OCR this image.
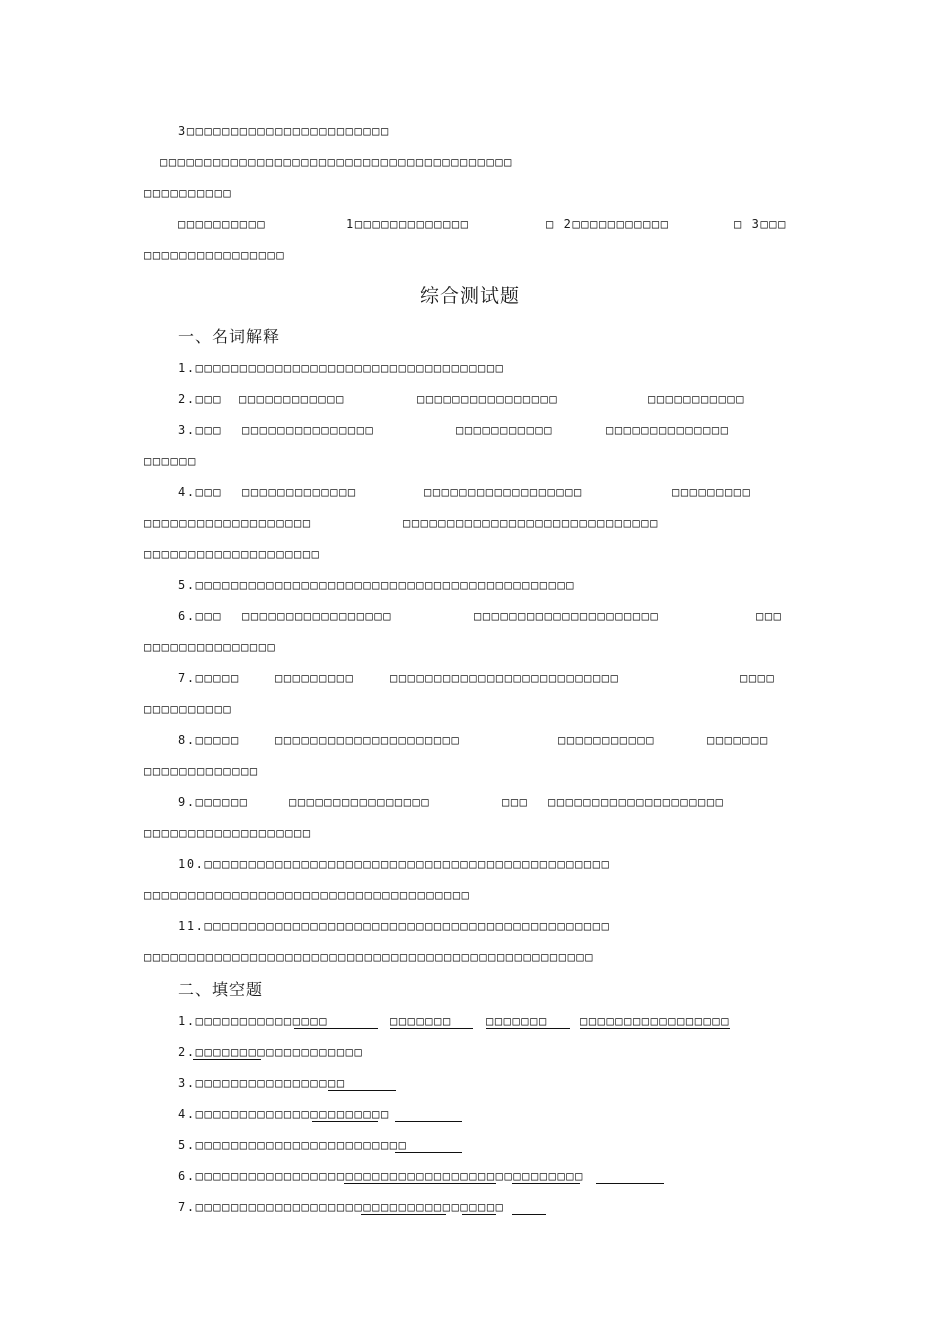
3□□□□□□□□□□□□□□□□□□□□□□□
□□□□□□□□□□□□□□□□□□□□□□□□□□□□□□□□□□□□□□□□
□□□□□□□□□□
□□□□□□□□□□	1□□□□□□□□□□□□□	□ 2□□□□□□□□□□□	□ 3□□□
□□□□□□□□□□□□□□□□
综合测试题
一、名词解释
1.□□□□□□□□□□□□□□□□□□□□□□□□□□□□□□□□□□□
2.□□□ □□□□□□□□□□□□	□□□□□□□□□□□□□□□□	□□□□□□□□□□□
3.□□□ □□□□□□□□□□□□□□□	□□□□□□□□□□□	□□□□□□□□□□□□□□
□□□□□□
4.□□□ □□□□□□□□□□□□□	□□□□□□□□□□□□□□□□□□	□□□□□□□□□
□□□□□□□□□□□□□□□□□□□	□□□□□□□□□□□□□□□□□□□□□□□□□□□□□
□□□□□□□□□□□□□□□□□□□□
5.□□□□□□□□□□□□□□□□□□□□□□□□□□□□□□□□□□□□□□□□□□□
6.□□□ □□□□□□□□□□□□□□□□□	□□□□□□□□□□□□□□□□□□□□□	□□□
□□□□□□□□□□□□□□□
7.□□□□□	□□□□□□□□□	□□□□□□□□□□□□□□□□□□□□□□□□□□	□□□□
□□□□□□□□□□
8.□□□□□	□□□□□□□□□□□□□□□□□□□□□	□□□□□□□□□□□	□□□□□□□
□□□□□□□□□□□□□
9.□□□□□□	□□□□□□□□□□□□□□□□	□□□ □□□□□□□□□□□□□□□□□□□□
□□□□□□□□□□□□□□□□□□□
10.□□□□□□□□□□□□□□□□□□□□□□□□□□□□□□□□□□□□□□□□□□□□□□
□□□□□□□□□□□□□□□□□□□□□□□□□□□□□□□□□□□□□
11.□□□□□□□□□□□□□□□□□□□□□□□□□□□□□□□□□□□□□□□□□□□□□□
□□□□□□□□□□□□□□□□□□□□□□□□□□□□□□□□□□□□□□□□□□□□□□□□□□□
二、填空题
1.□□□□□□□□□□□□□□□	□□□□□□□	□□□□□□□	□□□□□□□□□□□□□□□□□
2.□□□□□□□□□□□□□□□□□□□
3.□□□□□□□□□□□□□□□□□
4.□□□□□□□□□□□□□□□□□□□□□□
5.□□□□□□□□□□□□□□□□□□□□□□□□
6.□□□□□□□□□□□□□□□□□□□□□□□□□□□□□□□□□□□□□□□□□□□□
7.□□□□□□□□□□□□□□□□□□□□□□□□□□□□□□□□□□□
